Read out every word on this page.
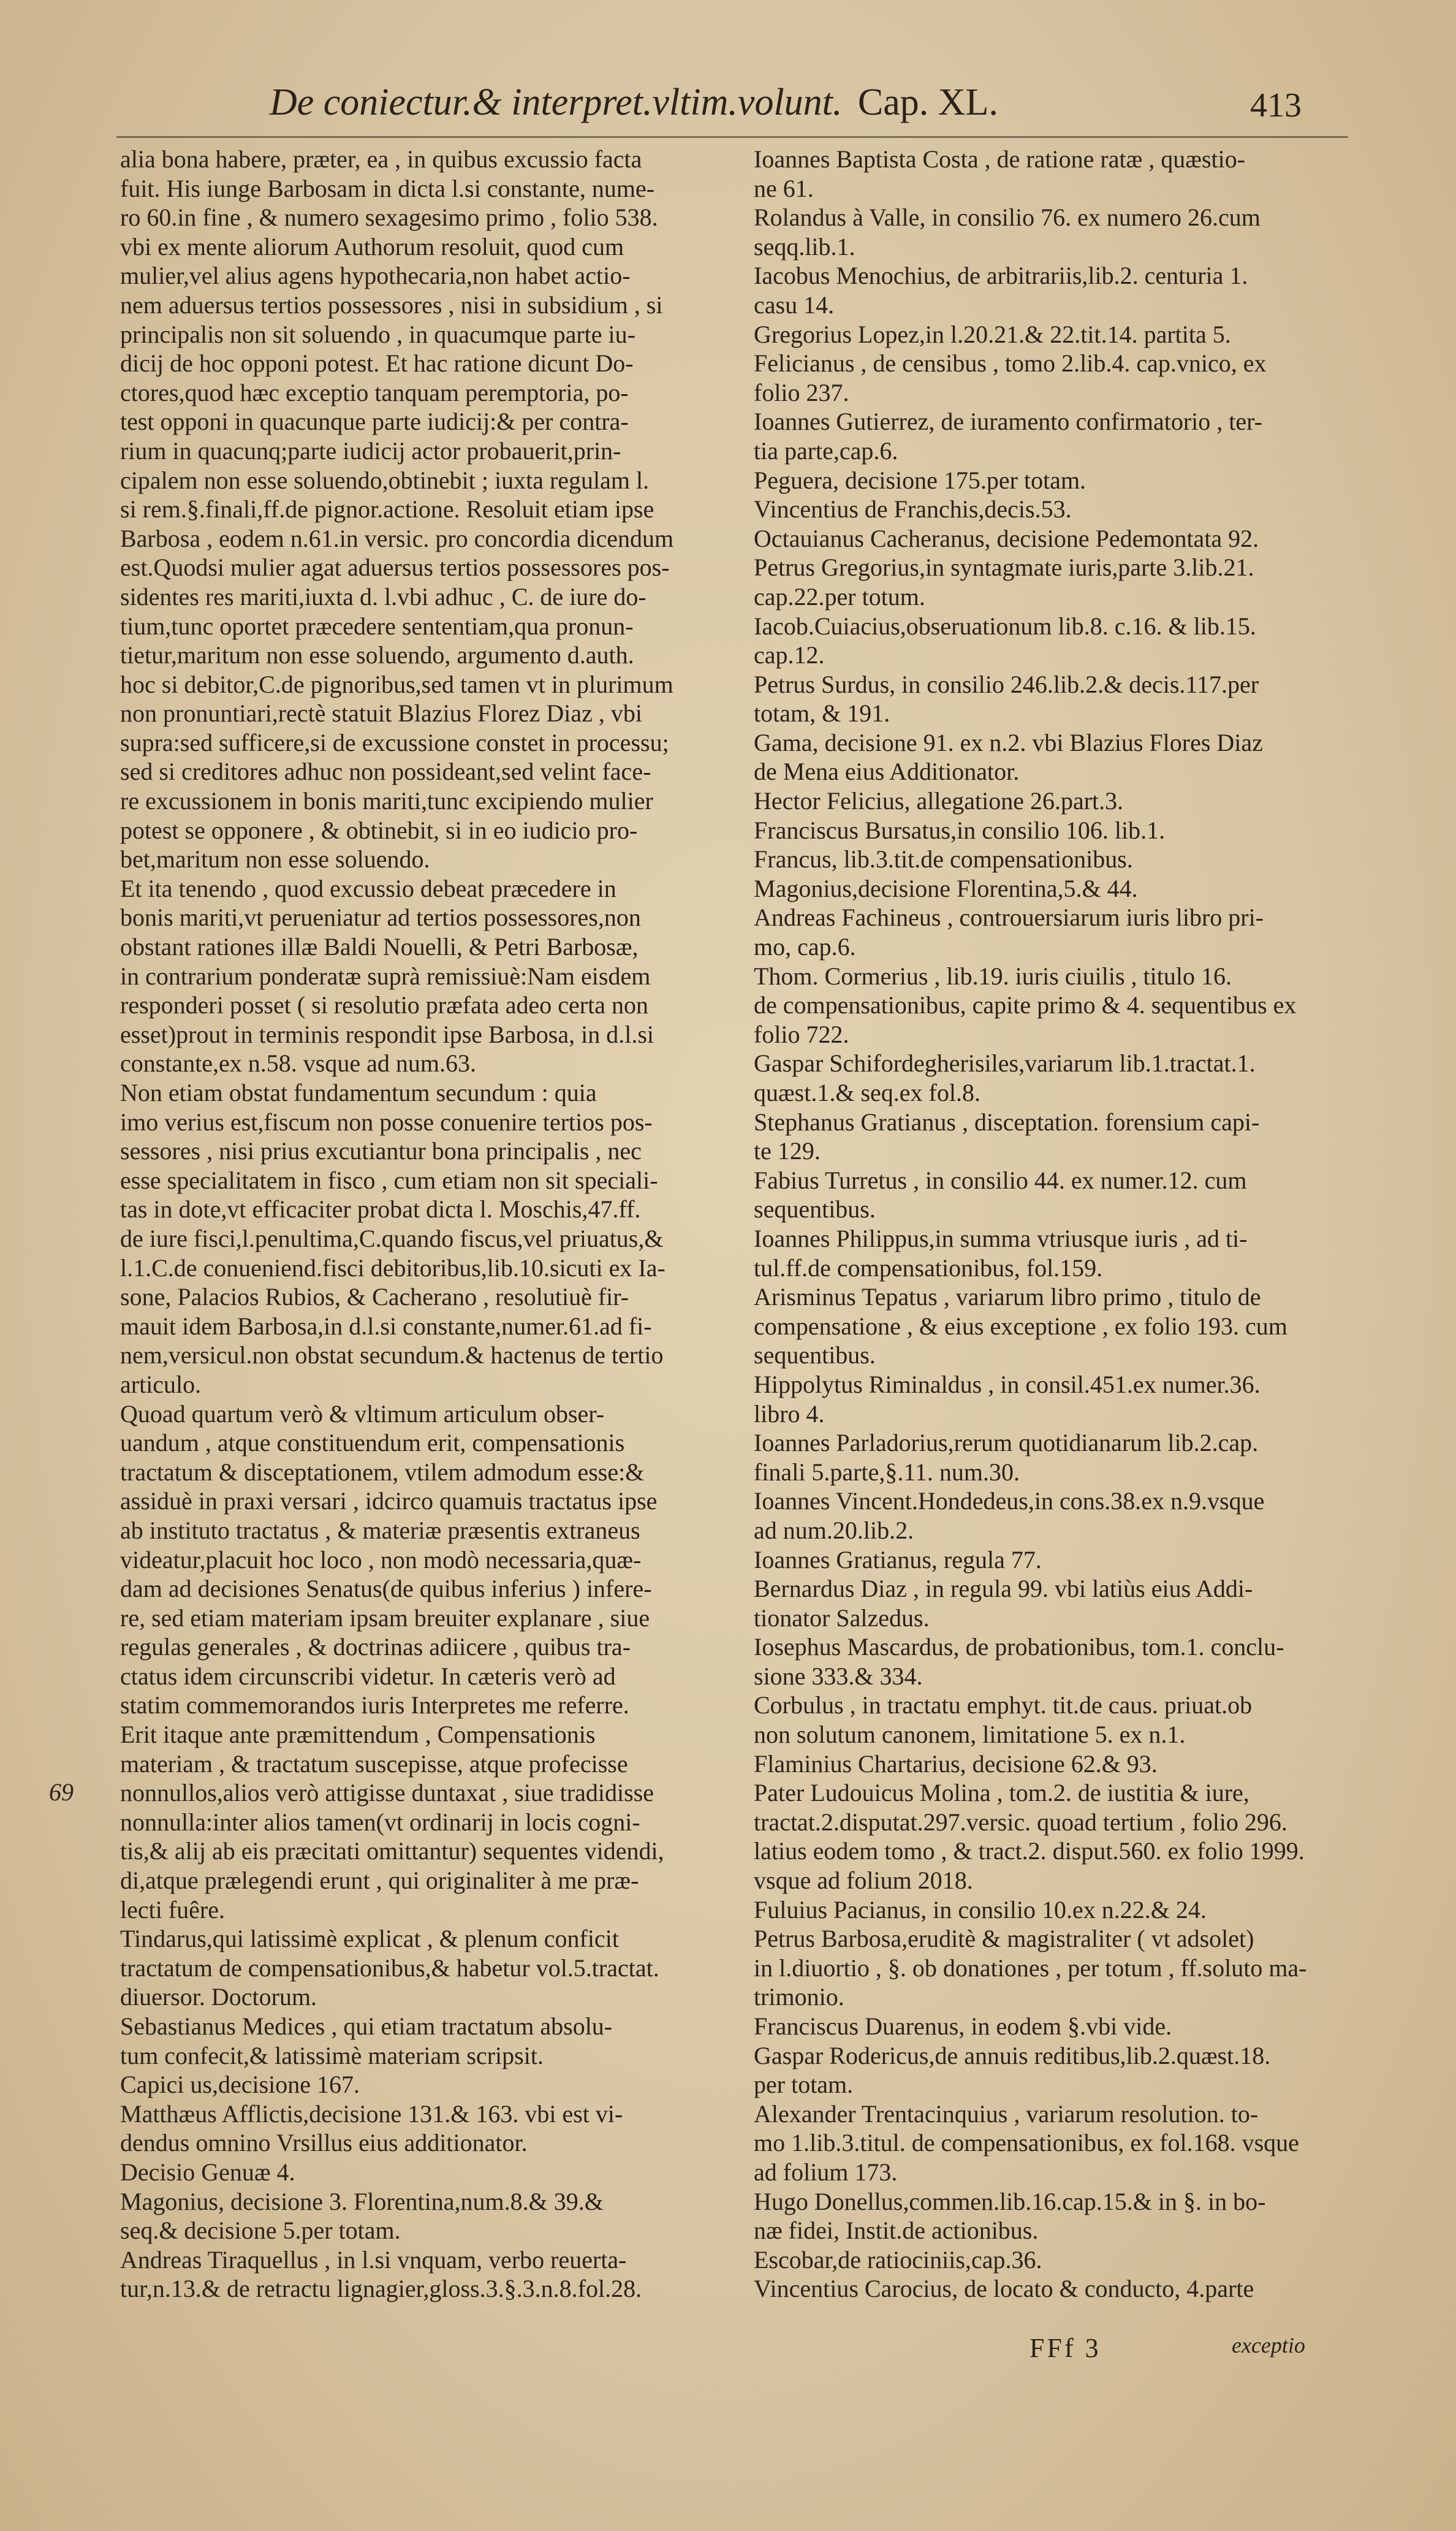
De coniectur.& interpret.vltim.volunt. Cap. XL.	413
69
alia bona habere, præter, ea , in quibus excussio facta
fuit. His iunge Barbosam in dicta l.si constante, nume-
ro 60.in fine , & numero sexagesimo primo , folio 538.
vbi ex mente aliorum Authorum resoluit, quod cum
mulier,vel alius agens hypothecaria,non habet actio-
nem aduersus tertios possessores , nisi in subsidium , si
principalis non sit soluendo , in quacumque parte iu-
dicij de hoc opponi potest. Et hac ratione dicunt Do-
ctores,quod hæc exceptio tanquam peremptoria, po-
test opponi in quacunque parte iudicij:& per contra-
rium in quacunq;parte iudicij actor probauerit,prin-
cipalem non esse soluendo,obtinebit ; iuxta regulam l.
si rem.§.finali,ff.de pignor.actione. Resoluit etiam ipse
Barbosa , eodem n.61.in versic. pro concordia dicendum
est.Quodsi mulier agat aduersus tertios possessores pos-
sidentes res mariti,iuxta d. l.vbi adhuc , C. de iure do-
tium,tunc oportet præcedere sententiam,qua pronun-
tietur,maritum non esse soluendo, argumento d.auth.
hoc si debitor,C.de pignoribus,sed tamen vt in plurimum
non pronuntiari,rectè statuit Blazius Florez Diaz , vbi
supra:sed sufficere,si de excussione constet in processu;
sed si creditores adhuc non possideant,sed velint face-
re excussionem in bonis mariti,tunc excipiendo mulier
potest se opponere , & obtinebit, si in eo iudicio pro-
bet,maritum non esse soluendo.
Et ita tenendo , quod excussio debeat præcedere in
bonis mariti,vt perueniatur ad tertios possessores,non
obstant rationes illæ Baldi Nouelli, & Petri Barbosæ,
in contrarium ponderatæ suprà remissiuè:Nam eisdem
responderi posset ( si resolutio præfata adeo certa non
esset)prout in terminis respondit ipse Barbosa, in d.l.si
constante,ex n.58. vsque ad num.63.
Non etiam obstat fundamentum secundum : quia
imo verius est,fiscum non posse conuenire tertios pos-
sessores , nisi prius excutiantur bona principalis , nec
esse specialitatem in fisco , cum etiam non sit speciali-
tas in dote,vt efficaciter probat dicta l. Moschis,47.ff.
de iure fisci,l.penultima,C.quando fiscus,vel priuatus,&
l.1.C.de conueniend.fisci debitoribus,lib.10.sicuti ex Ia-
sone, Palacios Rubios, & Cacherano , resolutiuè fir-
mauit idem Barbosa,in d.l.si constante,numer.61.ad fi-
nem,versicul.non obstat secundum.& hactenus de tertio
articulo.
Quoad quartum verò & vltimum articulum obser-
uandum , atque constituendum erit, compensationis
tractatum & disceptationem, vtilem admodum esse:&
assiduè in praxi versari , idcirco quamuis tractatus ipse
ab instituto tractatus , & materiæ præsentis extraneus
videatur,placuit hoc loco , non modò necessaria,quæ-
dam ad decisiones Senatus(de quibus inferius ) infere-
re, sed etiam materiam ipsam breuiter explanare , siue
regulas generales , & doctrinas adiicere , quibus tra-
ctatus idem circunscribi videtur. In cæteris verò ad
statim commemorandos iuris Interpretes me referre.
Erit itaque ante præmittendum , Compensationis
materiam , & tractatum suscepisse, atque profecisse
nonnullos,alios verò attigisse duntaxat , siue tradidisse
nonnulla:inter alios tamen(vt ordinarij in locis cogni-
tis,& alij ab eis præcitati omittantur) sequentes videndi,
di,atque prælegendi erunt , qui originaliter à me præ-
lecti fuêre.
Tindarus,qui latissimè explicat , & plenum conficit
tractatum de compensationibus,& habetur vol.5.tractat.
diuersor. Doctorum.
Sebastianus Medices , qui etiam tractatum absolu-
tum confecit,& latissimè materiam scripsit.
Capici us,decisione 167.
Matthæus Afflictis,decisione 131.& 163. vbi est vi-
dendus omnino Vrsillus eius additionator.
Decisio Genuæ 4.
Magonius, decisione 3. Florentina,num.8.& 39.&
seq.& decisione 5.per totam.
Andreas Tiraquellus , in l.si vnquam, verbo reuerta-
tur,n.13.& de retractu lignagier,gloss.3.§.3.n.8.fol.28.
Ioannes Baptista Costa , de ratione ratæ , quæstio-
ne 61.
Rolandus à Valle, in consilio 76. ex numero 26.cum
seqq.lib.1.
Iacobus Menochius, de arbitrariis,lib.2. centuria 1.
casu 14.
Gregorius Lopez,in l.20.21.& 22.tit.14. partita 5.
Felicianus , de censibus , tomo 2.lib.4. cap.vnico, ex
folio 237.
Ioannes Gutierrez, de iuramento confirmatorio , ter-
tia parte,cap.6.
Peguera, decisione 175.per totam.
Vincentius de Franchis,decis.53.
Octauianus Cacheranus, decisione Pedemontata 92.
Petrus Gregorius,in syntagmate iuris,parte 3.lib.21.
cap.22.per totum.
Iacob.Cuiacius,obseruationum lib.8. c.16. & lib.15.
cap.12.
Petrus Surdus, in consilio 246.lib.2.& decis.117.per
totam, & 191.
Gama, decisione 91. ex n.2. vbi Blazius Flores Diaz
de Mena eius Additionator.
Hector Felicius, allegatione 26.part.3.
Franciscus Bursatus,in consilio 106. lib.1.
Francus, lib.3.tit.de compensationibus.
Magonius,decisione Florentina,5.& 44.
Andreas Fachineus , controuersiarum iuris libro pri-
mo, cap.6.
Thom. Cormerius , lib.19. iuris ciuilis , titulo 16.
de compensationibus, capite primo & 4. sequentibus ex
folio 722.
Gaspar Schifordegherisiles,variarum lib.1.tractat.1.
quæst.1.& seq.ex fol.8.
Stephanus Gratianus , disceptation. forensium capi-
te 129.
Fabius Turretus , in consilio 44. ex numer.12. cum
sequentibus.
Ioannes Philippus,in summa vtriusque iuris , ad ti-
tul.ff.de compensationibus, fol.159.
Arisminus Tepatus , variarum libro primo , titulo de
compensatione , & eius exceptione , ex folio 193. cum
sequentibus.
Hippolytus Riminaldus , in consil.451.ex numer.36.
libro 4.
Ioannes Parladorius,rerum quotidianarum lib.2.cap.
finali 5.parte,§.11. num.30.
Ioannes Vincent.Hondedeus,in cons.38.ex n.9.vsque
ad num.20.lib.2.
Ioannes Gratianus, regula 77.
Bernardus Diaz , in regula 99. vbi latiùs eius Addi-
tionator Salzedus.
Iosephus Mascardus, de probationibus, tom.1. conclu-
sione 333.& 334.
Corbulus , in tractatu emphyt. tit.de caus. priuat.ob
non solutum canonem, limitatione 5. ex n.1.
Flaminius Chartarius, decisione 62.& 93.
Pater Ludouicus Molina , tom.2. de iustitia & iure,
tractat.2.disputat.297.versic. quoad tertium , folio 296.
latius eodem tomo , & tract.2. disput.560. ex folio 1999.
vsque ad folium 2018.
Fuluius Pacianus, in consilio 10.ex n.22.& 24.
Petrus Barbosa,eruditè & magistraliter ( vt adsolet)
in l.diuortio , §. ob donationes , per totum , ff.soluto ma-
trimonio.
Franciscus Duarenus, in eodem §.vbi vide.
Gaspar Rodericus,de annuis reditibus,lib.2.quæst.18.
per totam.
Alexander Trentacinquius , variarum resolution. to-
mo 1.lib.3.titul. de compensationibus, ex fol.168. vsque
ad folium 173.
Hugo Donellus,commen.lib.16.cap.15.& in §. in bo-
næ fidei, Instit.de actionibus.
Escobar,de ratiociniis,cap.36.
Vincentius Carocius, de locato & conducto, 4.parte
FFf 3	exceptio
